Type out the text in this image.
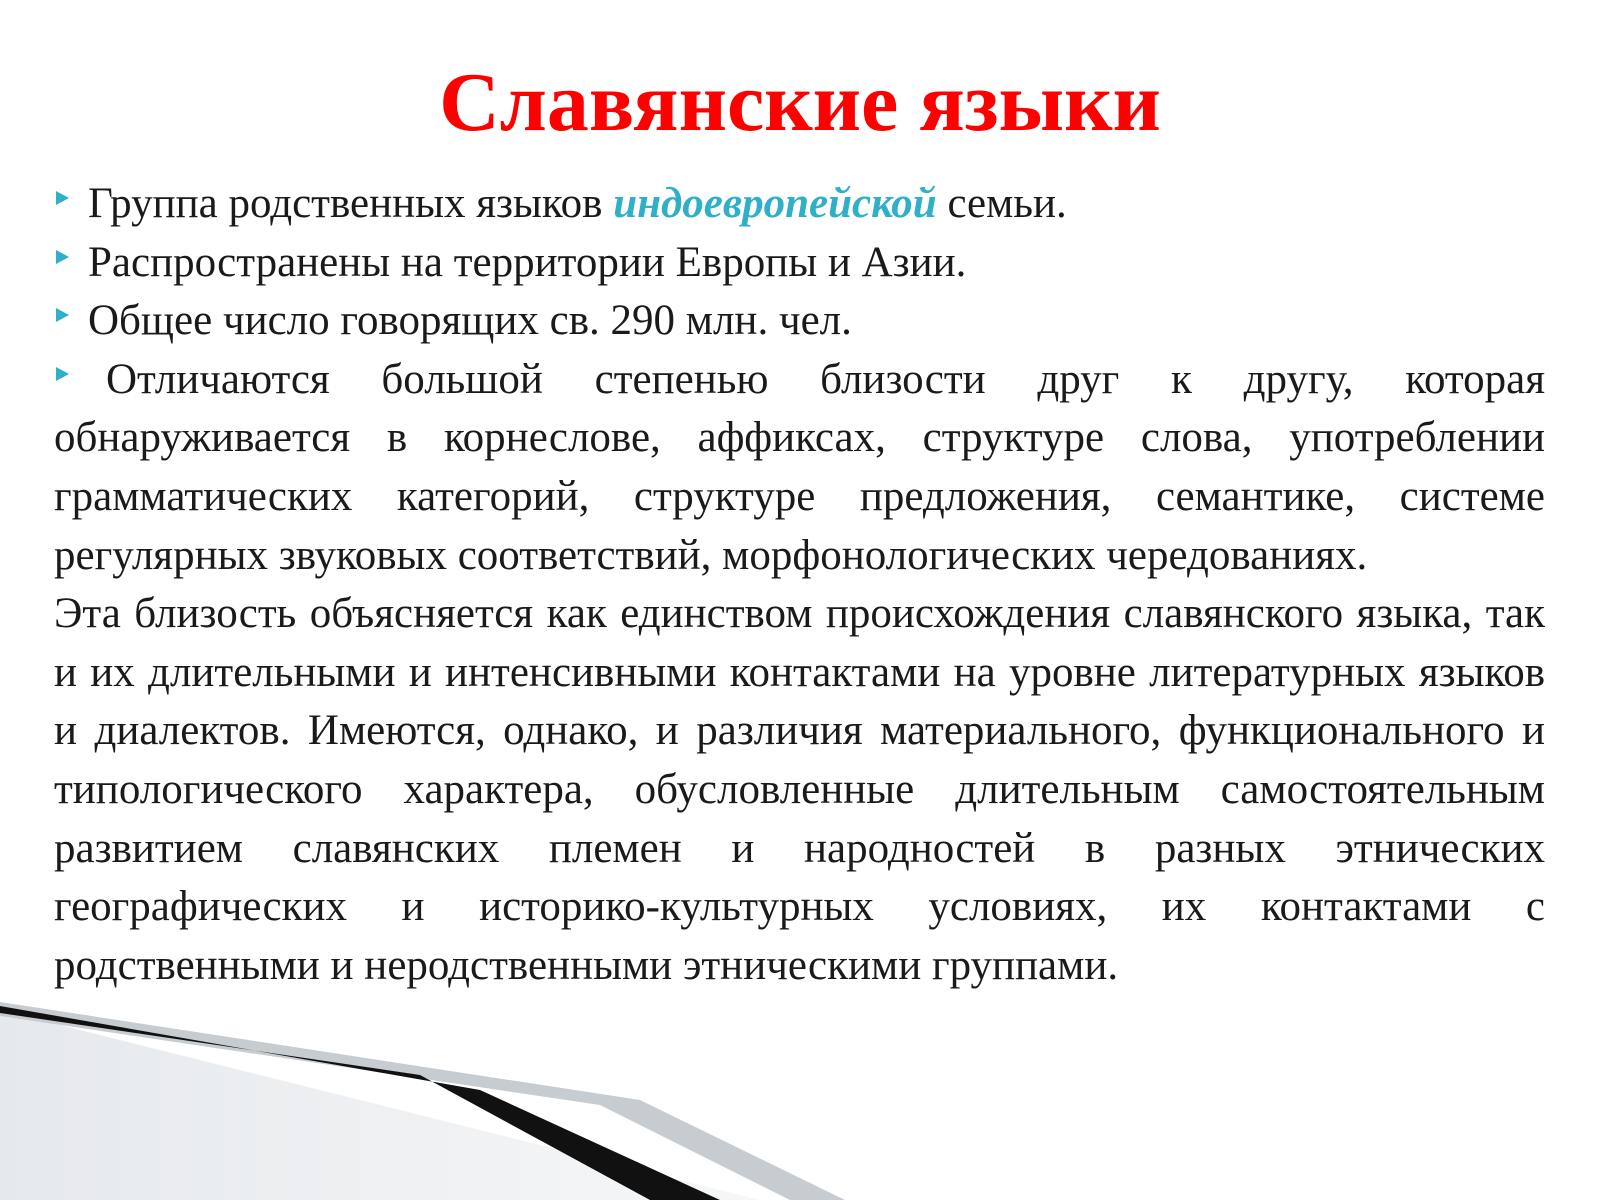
Славянские языки
Группа родственных языков индоевропейской семьи.
Распространены на территории Европы и Азии.
Общее число говорящих св. 290 млн. чел.
Отличаются большой степенью близости друг к другу, которая обнаруживается в корнеслове, аффиксах, структуре слова, употреблении грамматических категорий, структуре предложения, семантике, системе регулярных звуковых соответствий, морфонологических чередованиях.

Эта близость объясняется как единством происхождения славянского языка, так и их длительными и интенсивными контактами на уровне литературных языков и диалектов. Имеются, однако, и различия материального, функционального и типологического характера, обусловленные длительным самостоятельным развитием славянских племен и народностей в разных этнических географических и историко-культурных условиях, их контактами с родственными и неродственными этническими группами.
